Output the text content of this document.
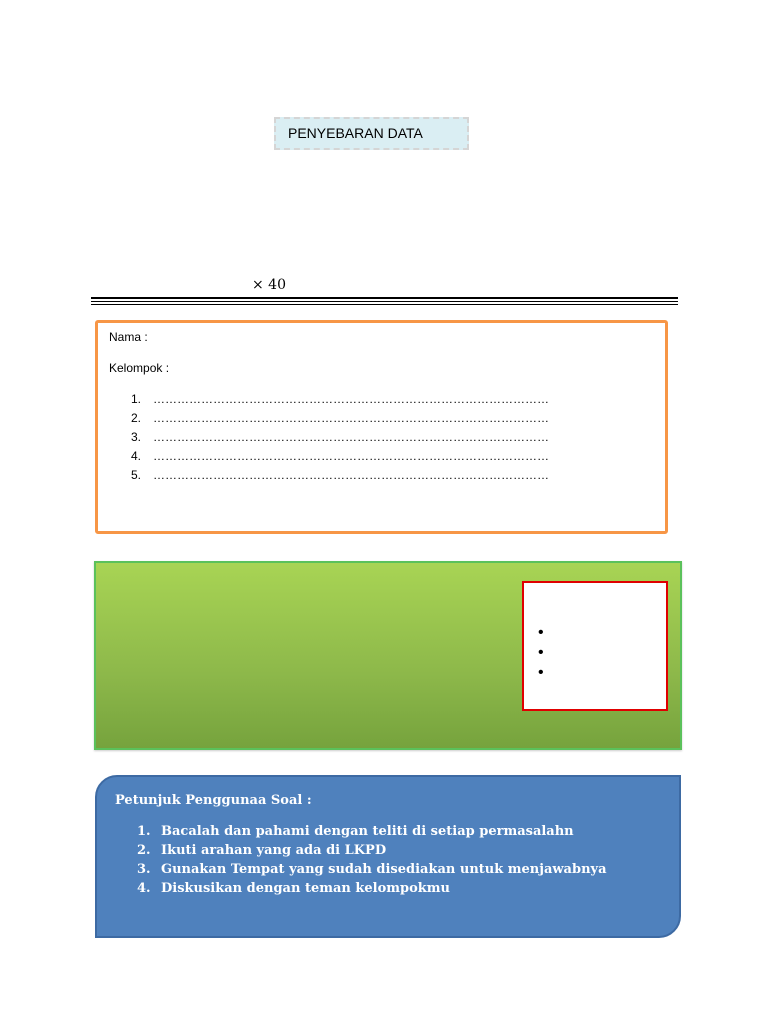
PENYEBARAN DATA
× 40
Nama :
Kelompok :
1. ………………………………………………………………………………………
2. ………………………………………………………………………………………
3. ………………………………………………………………………………………
4. ………………………………………………………………………………………
5. ………………………………………………………………………………………
•
•
•
Petunjuk Penggunaa Soal :
1. Bacalah dan pahami dengan teliti di setiap permasalahn
2. Ikuti arahan yang ada di LKPD
3. Gunakan Tempat yang sudah disediakan untuk menjawabnya
4. Diskusikan dengan teman kelompokmu
